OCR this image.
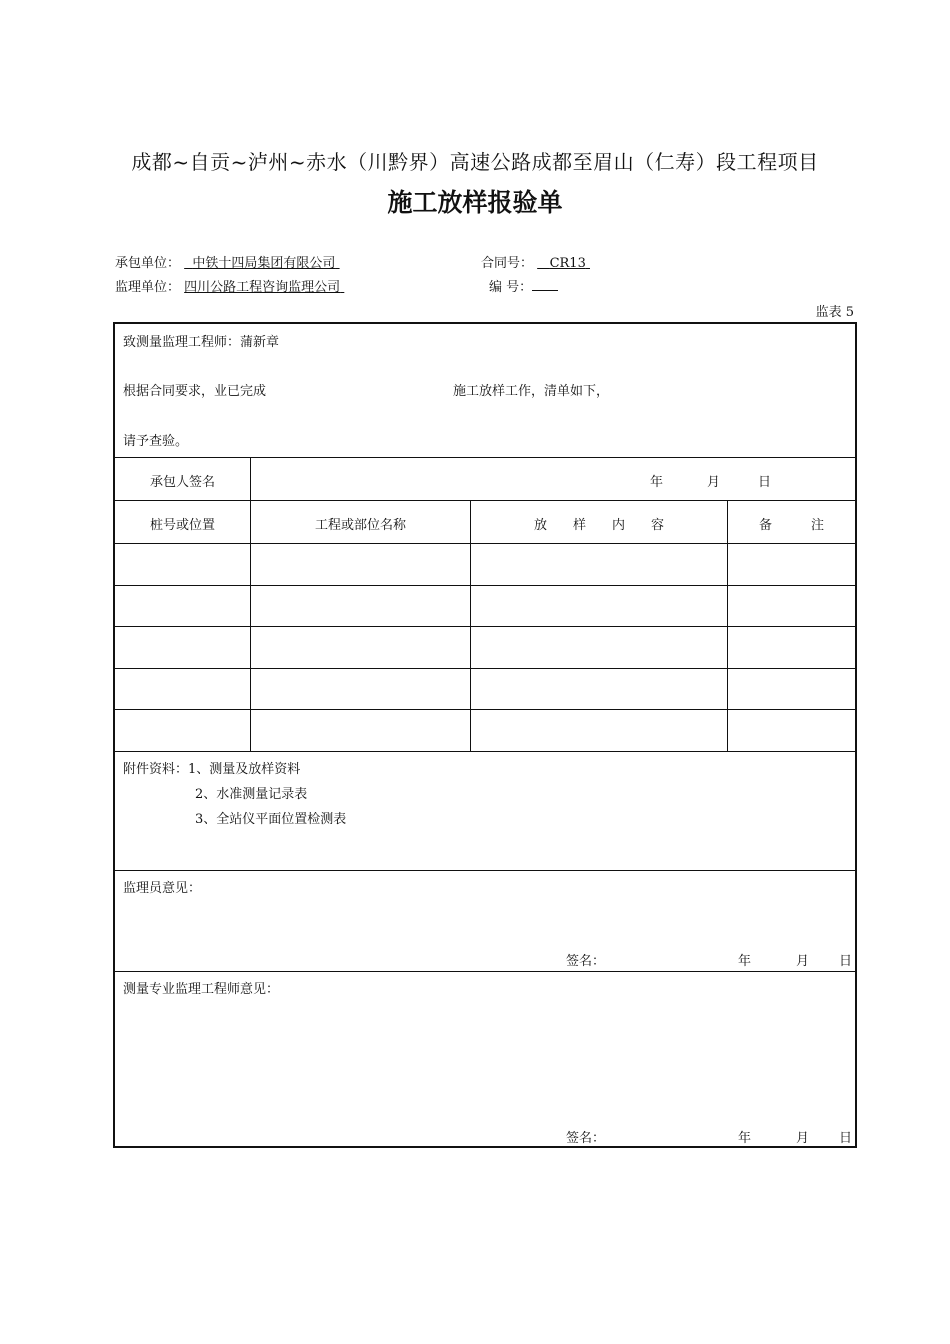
成都~自贡~泸州~赤水（川黔界）高速公路成都至眉山（仁寿）段工程项目
施工放样报验单
承包单位： 中铁十四局集团有限公司	合同号： CR13
监理单位： 四川公路工程咨询监理公司	编 号：
监表 5
致测量监理工程师：蒲新章
根据合同要求，业已完成	施工放样工作，清单如下，
请予查验。
承包人签名	年	月	日
桩号或位置	工程或部位名称	放　　样　　内　　容	备　　　注
附件资料： 1、测量及放样资料
2、水准测量记录表
3、全站仪平面位置检测表
监理员意见：
签名：	年	月 日
测量专业监理工程师意见：
签名：	年	月 日
